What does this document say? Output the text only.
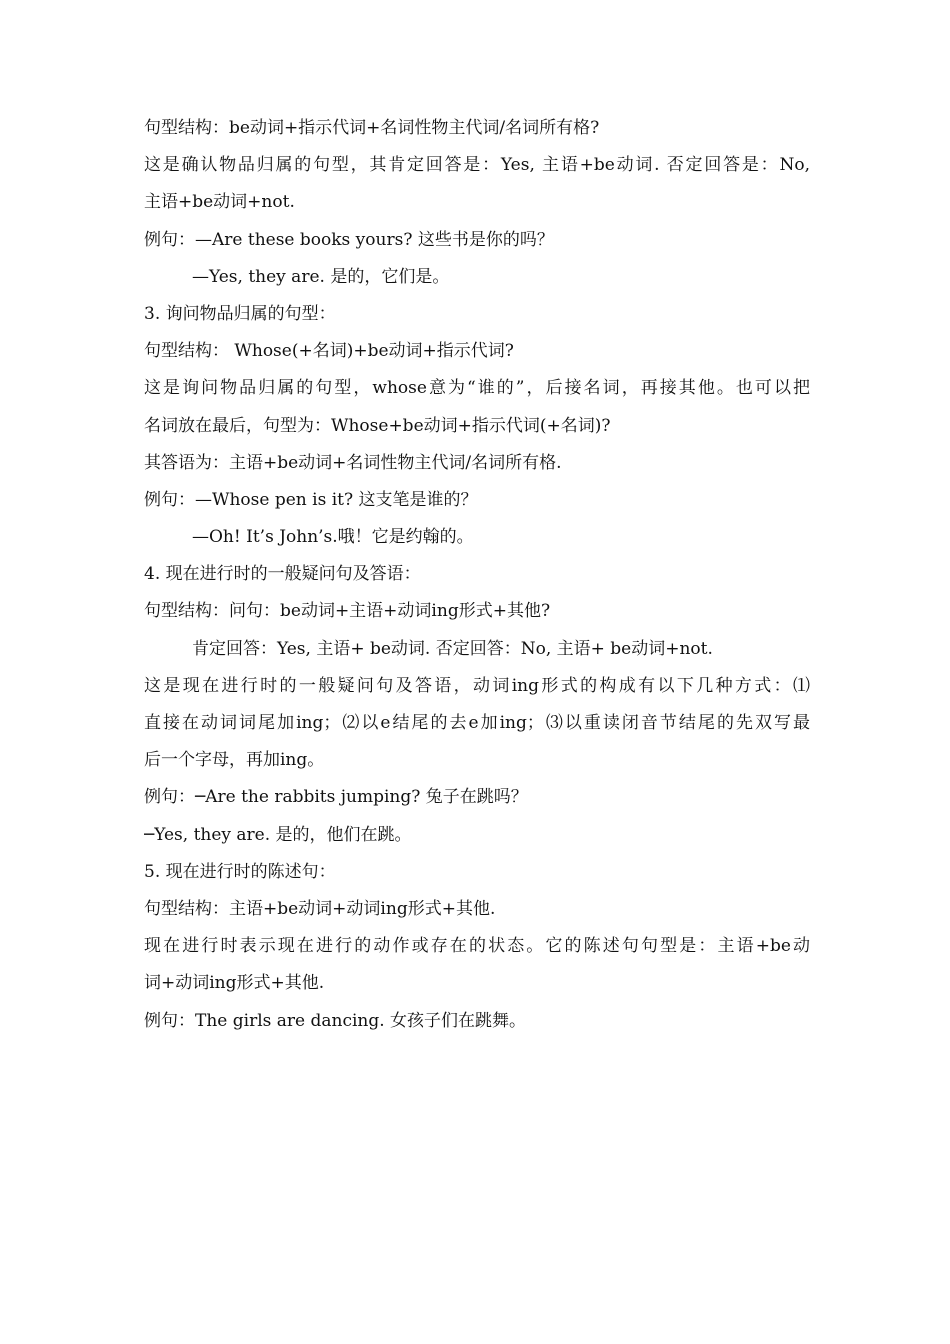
句型结构：be动词+指示代词+名词性物主代词/名词所有格?
这是确认物品归属的句型，其肯定回答是：Yes, 主语+be动词. 否定回答是：No,
主语+be动词+not.
例句：—Are these books yours? 这些书是你的吗？
—Yes, they are. 是的，它们是。
3. 询问物品归属的句型：
句型结构： Whose(+名词)+be动词+指示代词?
这是询问物品归属的句型，whose意为“谁的”，后接名词，再接其他。也可以把
名词放在最后，句型为：Whose+be动词+指示代词(+名词)?
其答语为：主语+be动词+名词性物主代词/名词所有格.
例句：—Whose pen is it? 这支笔是谁的？
—Oh! It’s John’s.哦！它是约翰的。
4. 现在进行时的一般疑问句及答语：
句型结构：问句：be动词+主语+动词ing形式+其他?
肯定回答：Yes, 主语+ be动词. 否定回答：No, 主语+ be动词+not.
这是现在进行时的一般疑问句及答语，动词ing形式的构成有以下几种方式：⑴
直接在动词词尾加ing；⑵以e结尾的去e加ing；⑶以重读闭音节结尾的先双写最
后一个字母，再加ing。
例句：─Are the rabbits jumping? 兔子在跳吗？
─Yes, they are. 是的，他们在跳。
5. 现在进行时的陈述句：
句型结构：主语+be动词+动词ing形式+其他.
现在进行时表示现在进行的动作或存在的状态。它的陈述句句型是：主语+be动
词+动词ing形式+其他.
例句：The girls are dancing. 女孩子们在跳舞。
